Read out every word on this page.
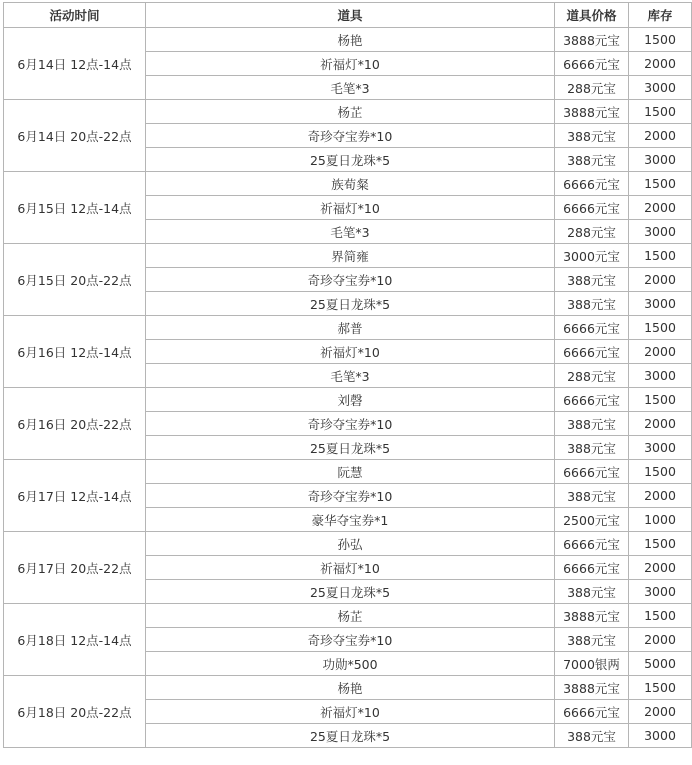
活动时间	道具	道具价格	库存
6月14日 12点-14点	杨艳	3888元宝	1500
	祈福灯*10	6666元宝	2000
	毛笔*3	288元宝	3000
6月14日 20点-22点	杨芷	3888元宝	1500
	奇珍夺宝券*10	388元宝	2000
	25夏日龙珠*5	388元宝	3000
6月15日 12点-14点	族荀粲	6666元宝	1500
	祈福灯*10	6666元宝	2000
	毛笔*3	288元宝	3000
6月15日 20点-22点	界简雍	3000元宝	1500
	奇珍夺宝券*10	388元宝	2000
	25夏日龙珠*5	388元宝	3000
6月16日 12点-14点	郝普	6666元宝	1500
	祈福灯*10	6666元宝	2000
	毛笔*3	288元宝	3000
6月16日 20点-22点	刘磬	6666元宝	1500
	奇珍夺宝券*10	388元宝	2000
	25夏日龙珠*5	388元宝	3000
6月17日 12点-14点	阮慧	6666元宝	1500
	奇珍夺宝券*10	388元宝	2000
	豪华夺宝券*1	2500元宝	1000
6月17日 20点-22点	孙弘	6666元宝	1500
	祈福灯*10	6666元宝	2000
	25夏日龙珠*5	388元宝	3000
6月18日 12点-14点	杨芷	3888元宝	1500
	奇珍夺宝券*10	388元宝	2000
	功勋*500	7000银两	5000
6月18日 20点-22点	杨艳	3888元宝	1500
	祈福灯*10	6666元宝	2000
	25夏日龙珠*5	388元宝	3000
